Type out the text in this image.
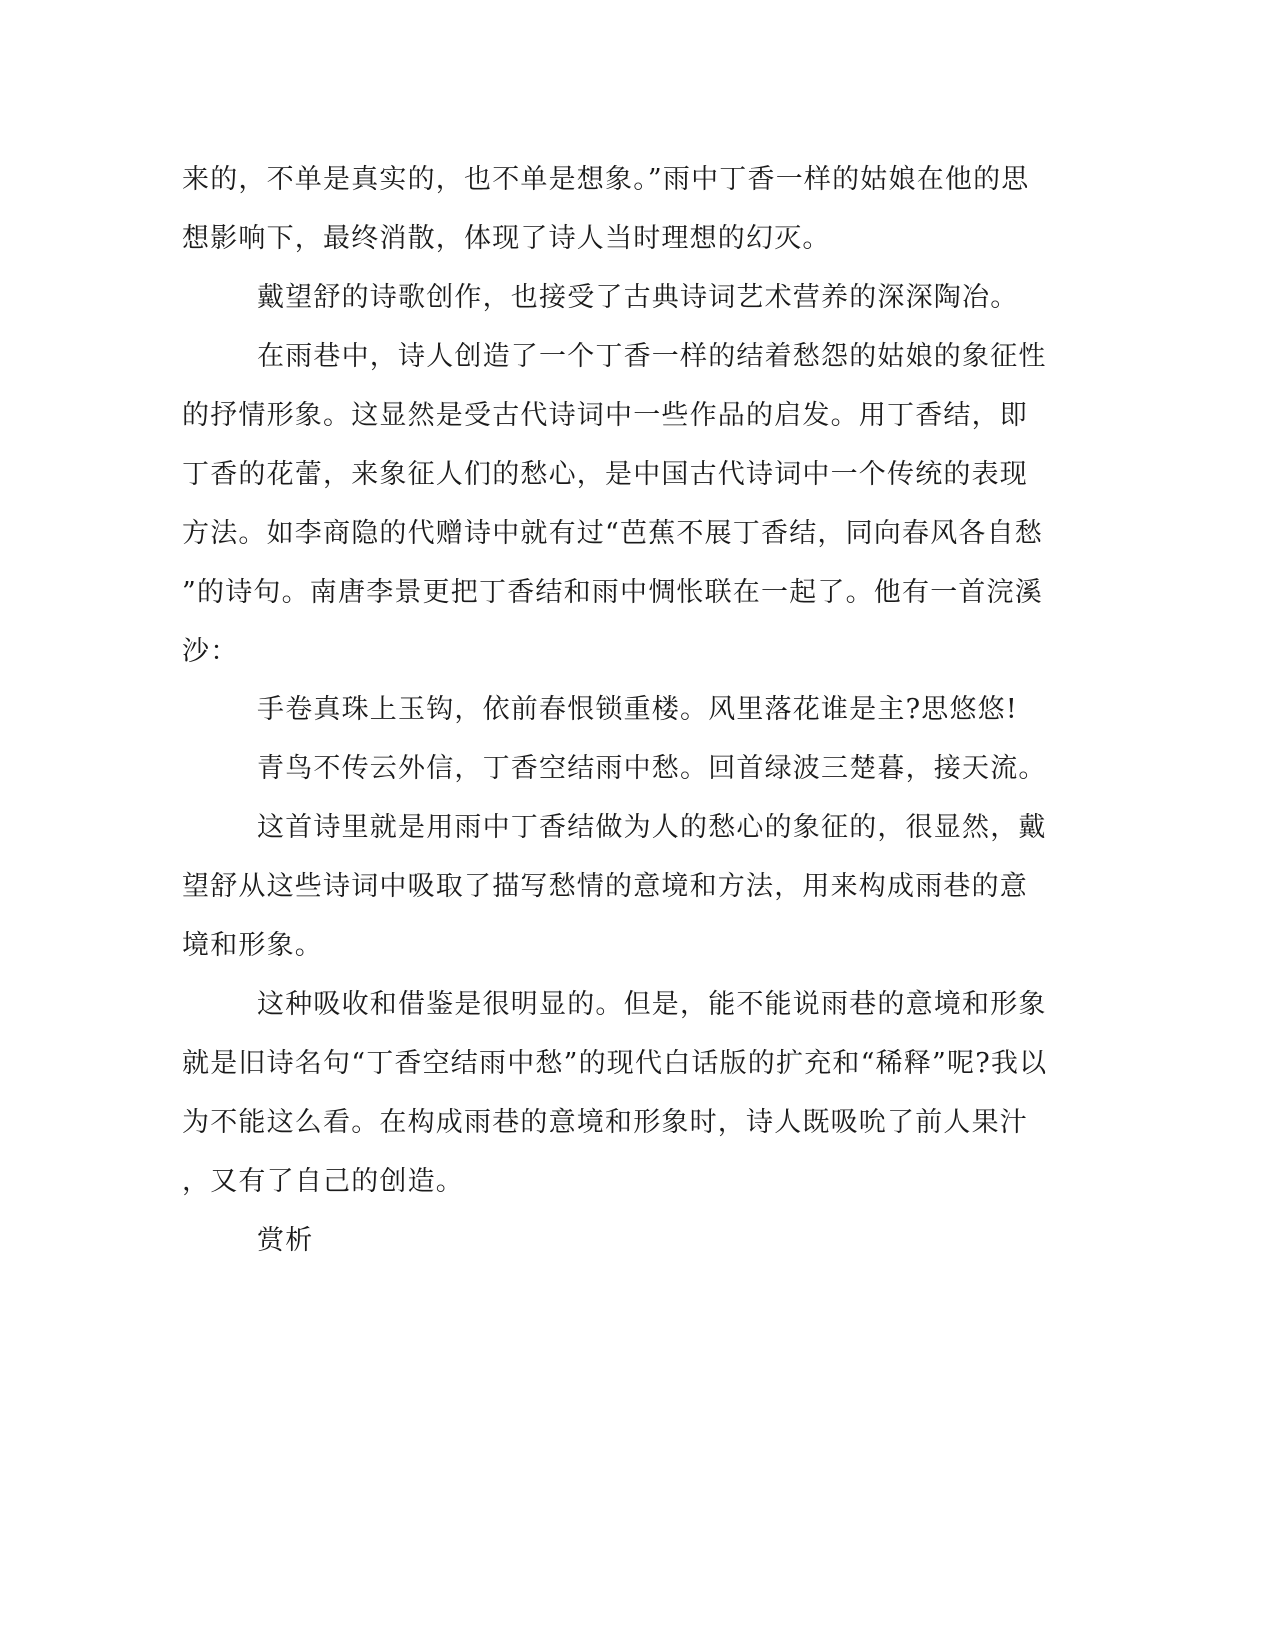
来的，不单是真实的，也不单是想象。”雨中丁香一样的姑娘在他的思
想影响下，最终消散，体现了诗人当时理想的幻灭。
戴望舒的诗歌创作，也接受了古典诗词艺术营养的深深陶冶。
在雨巷中，诗人创造了一个丁香一样的结着愁怨的姑娘的象征性
的抒情形象。这显然是受古代诗词中一些作品的启发。用丁香结，即
丁香的花蕾，来象征人们的愁心，是中国古代诗词中一个传统的表现
方法。如李商隐的代赠诗中就有过“芭蕉不展丁香结，同向春风各自愁
”的诗句。南唐李景更把丁香结和雨中惆怅联在一起了。他有一首浣溪
沙：
手卷真珠上玉钩，依前春恨锁重楼。风里落花谁是主?思悠悠!
青鸟不传云外信，丁香空结雨中愁。回首绿波三楚暮，接天流。
这首诗里就是用雨中丁香结做为人的愁心的象征的，很显然，戴
望舒从这些诗词中吸取了描写愁情的意境和方法，用来构成雨巷的意
境和形象。
这种吸收和借鉴是很明显的。但是，能不能说雨巷的意境和形象
就是旧诗名句“丁香空结雨中愁”的现代白话版的扩充和“稀释”呢?我以
为不能这么看。在构成雨巷的意境和形象时，诗人既吸吮了前人果汁
，又有了自己的创造。
赏析
